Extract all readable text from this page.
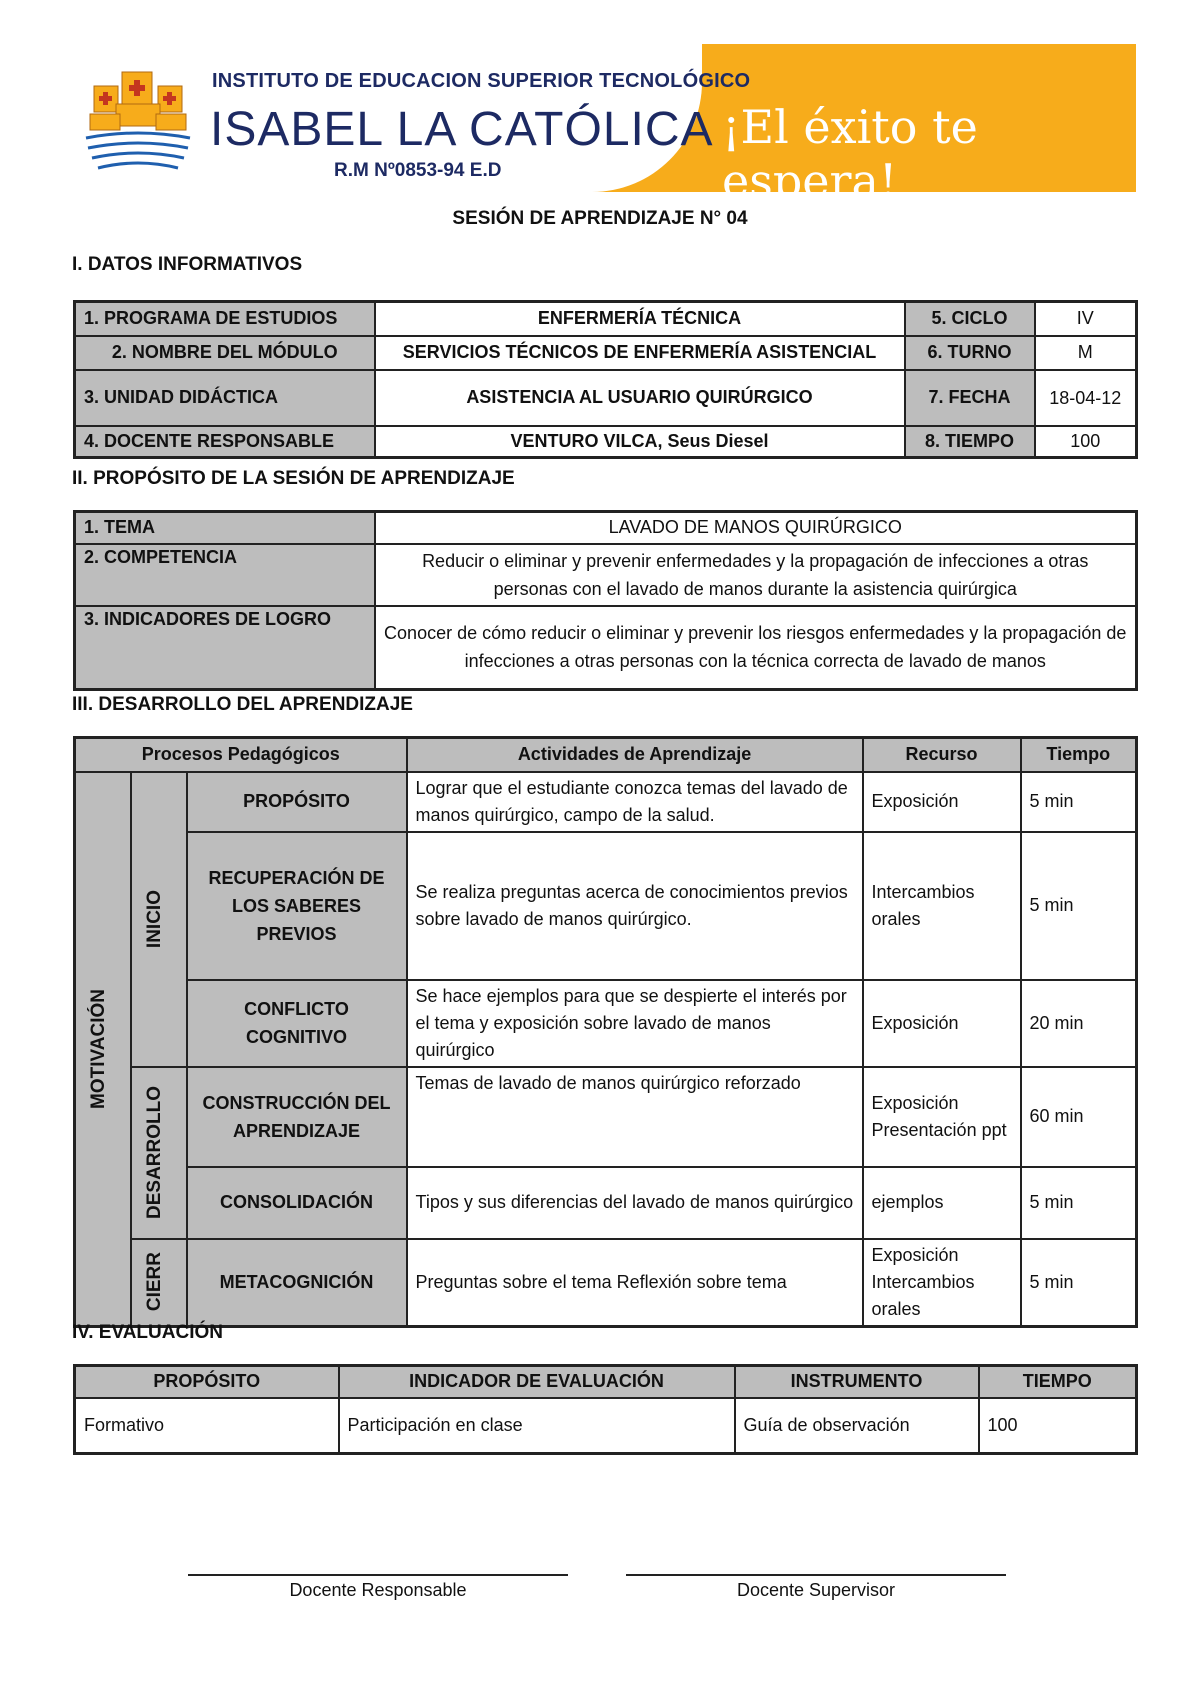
INSTITUTO DE EDUCACION SUPERIOR TECNOLÓGICO
ISABEL LA CATÓLICA
R.M Nº0853-94 E.D
¡El éxito te espera!
SESIÓN DE APRENDIZAJE N° 04
I. DATOS INFORMATIVOS
1. PROGRAMA DE ESTUDIOS	ENFERMERÍA TÉCNICA	5. CICLO	IV
2. NOMBRE DEL MÓDULO	SERVICIOS TÉCNICOS DE ENFERMERÍA ASISTENCIAL	6. TURNO	M
3. UNIDAD DIDÁCTICA	ASISTENCIA AL USUARIO QUIRÚRGICO	7. FECHA	18-04-12
4. DOCENTE RESPONSABLE	VENTURO VILCA, Seus Diesel	8. TIEMPO	100
II. PROPÓSITO DE LA SESIÓN DE APRENDIZAJE
1. TEMA	LAVADO DE MANOS QUIRÚRGICO
2. COMPETENCIA	Reducir o eliminar y prevenir enfermedades y la propagación de infecciones a otras personas con el lavado de manos durante la asistencia quirúrgica
3. INDICADORES DE LOGRO	Conocer de cómo reducir o eliminar y prevenir los riesgos enfermedades y la propagación de infecciones a otras personas con la técnica correcta de lavado de manos
III. DESARROLLO DEL APRENDIZAJE
Procesos Pedagógicos			Actividades de Aprendizaje	Recurso	Tiempo

MOTIVACIÓN	INICIO	PROPÓSITO	Lograr que el estudiante conozca temas del lavado de manos quirúrgico, campo de la salud.	Exposición	5 min
		RECUPERACIÓN DE LOS SABERES PREVIOS	Se realiza preguntas acerca de conocimientos previos sobre lavado de manos quirúrgico.	Intercambios orales	5 min
		CONFLICTO COGNITIVO	Se hace ejemplos para que se despierte el interés por el tema y exposición sobre lavado de manos quirúrgico	Exposición	20 min

	DESARROLLO	CONSTRUCCIÓN DEL APRENDIZAJE	Temas de lavado de manos quirúrgico reforzado	Exposición Presentación ppt	60 min
		CONSOLIDACIÓN	Tipos y sus diferencias del lavado de manos quirúrgico	ejemplos	5 min

	CIERR	METACOGNICIÓN	Preguntas sobre el tema Reflexión sobre tema	Exposición Intercambios orales	5 min
IV. EVALUACIÓN
PROPÓSITO	INDICADOR DE EVALUACIÓN	INSTRUMENTO	TIEMPO
Formativo	Participación en clase	Guía de observación	100
Docente Responsable	Docente Supervisor
